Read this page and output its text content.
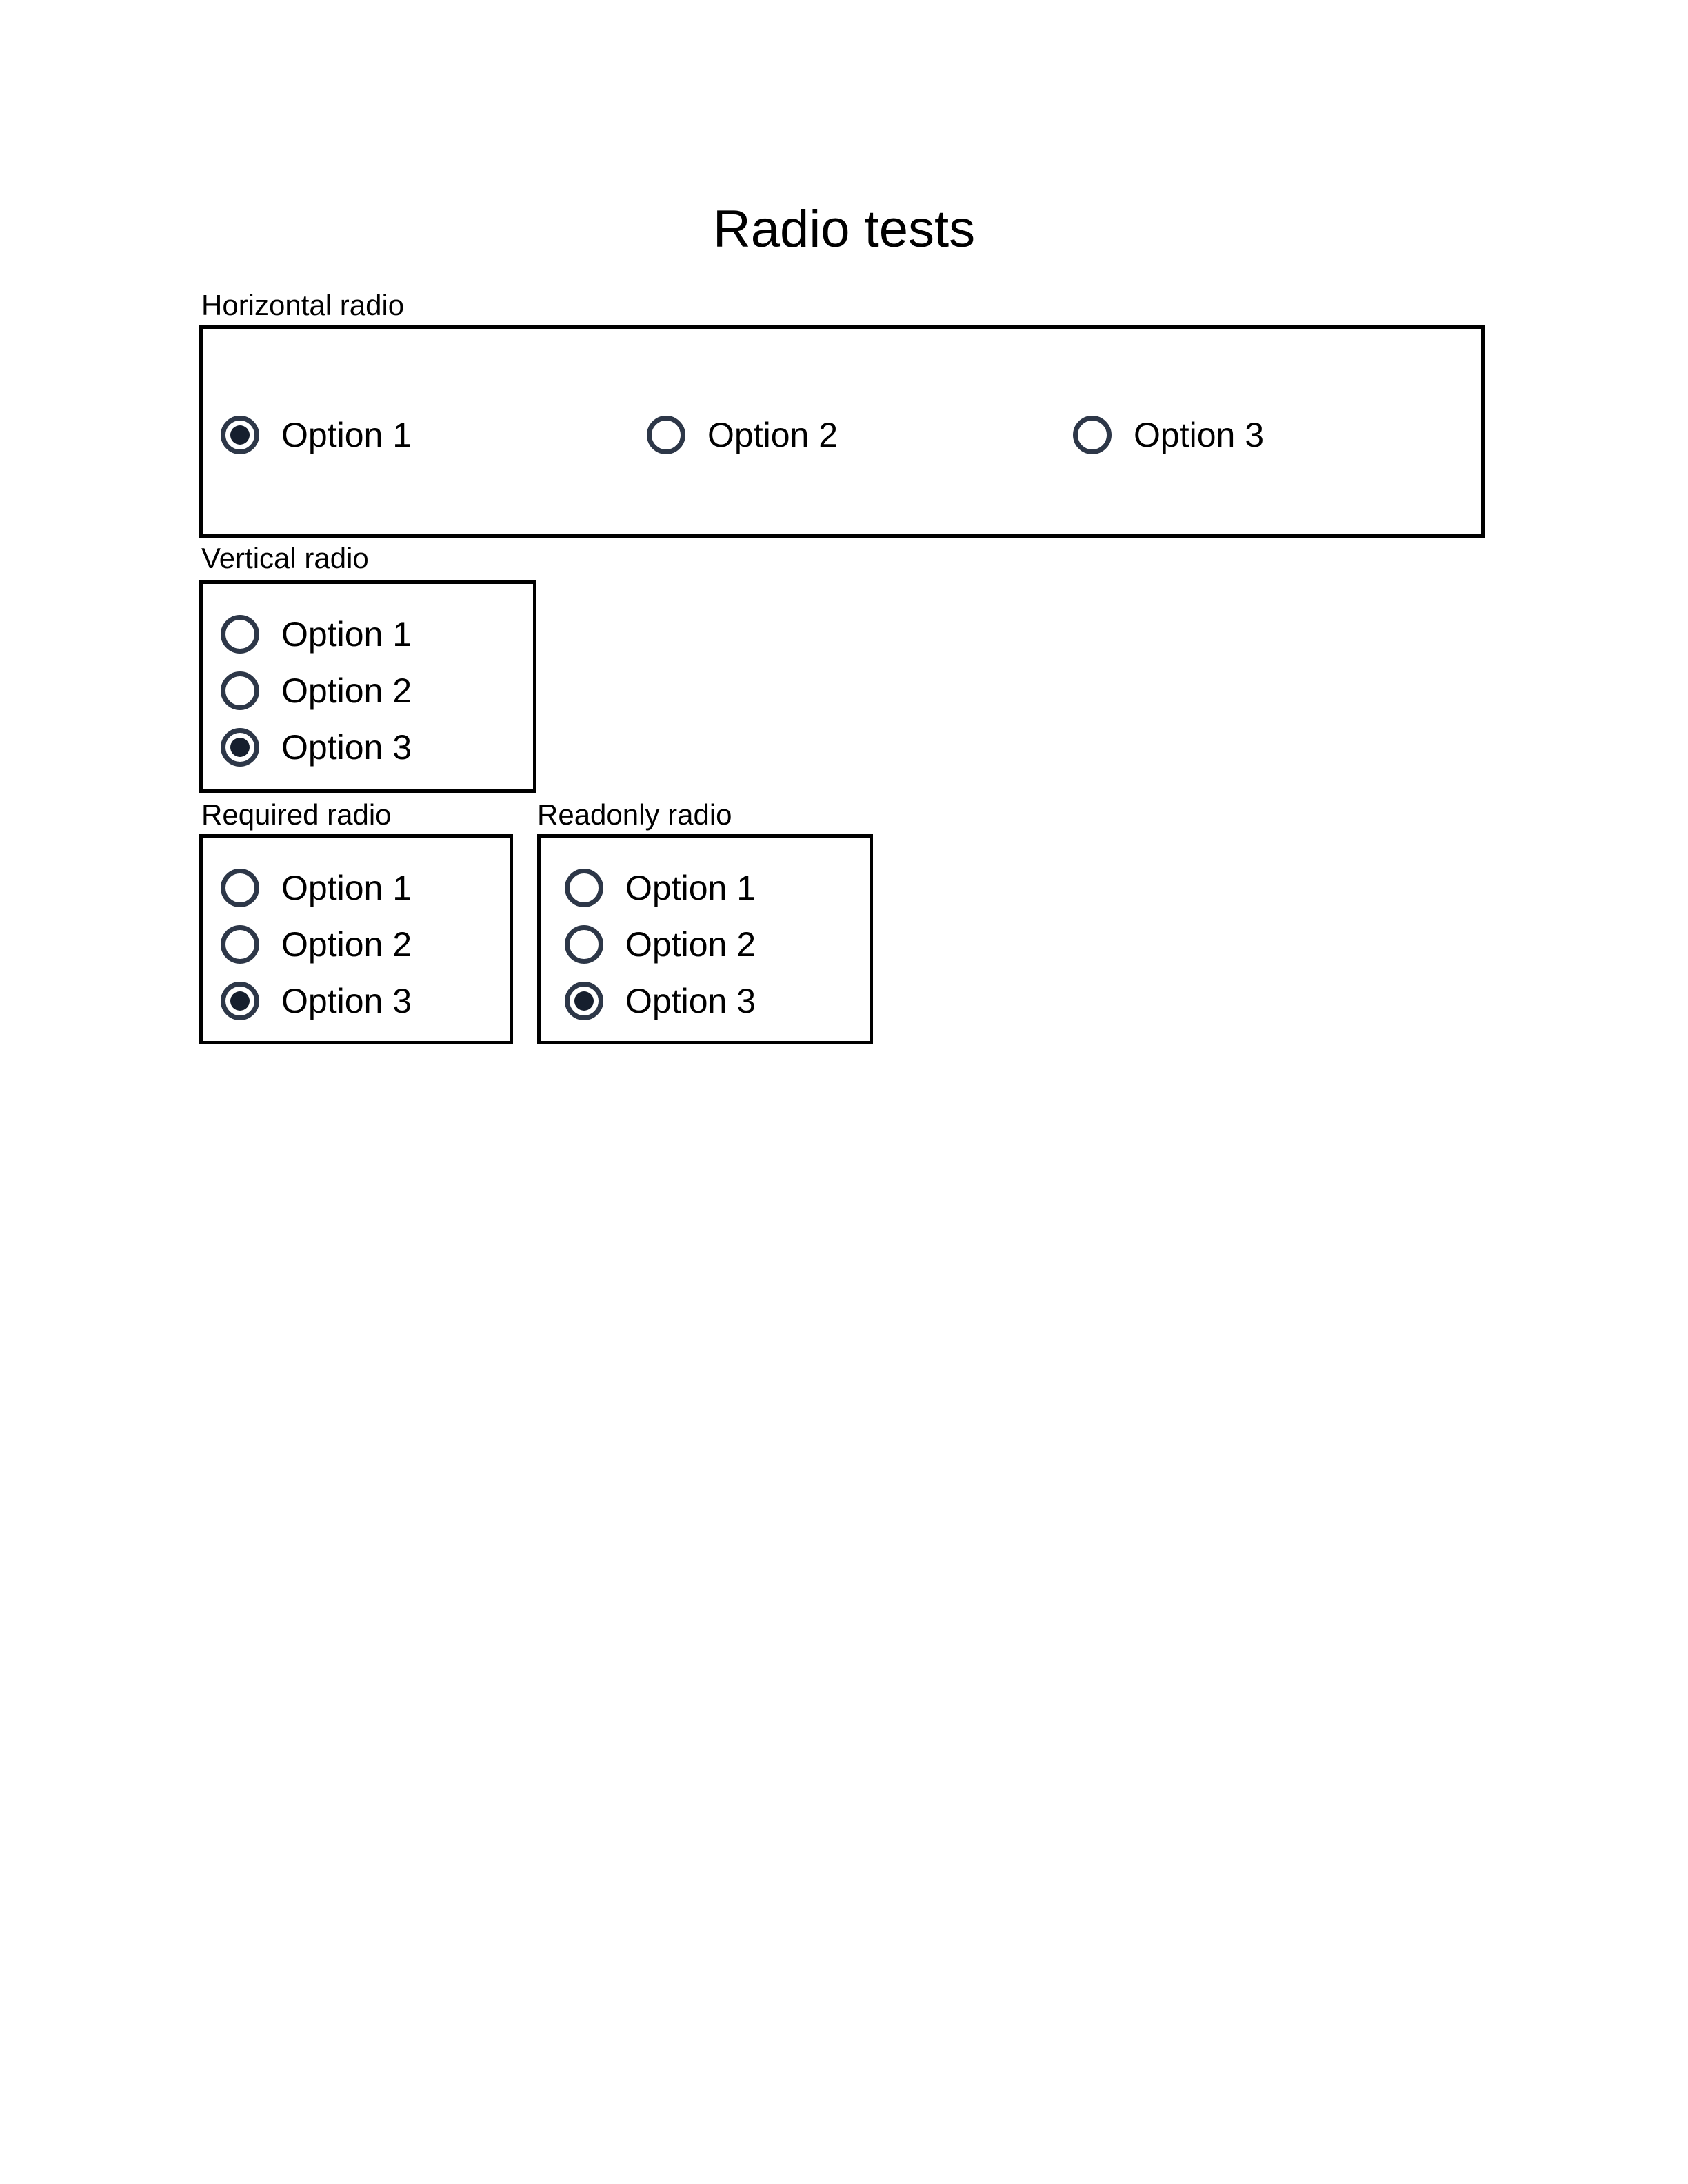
Radio tests
Horizontal radio
Option 1	Option 2	Option 3
Vertical radio
Option 1
Option 2
Option 3
Required radio
Option 1
Option 2
Option 3
Readonly radio
Option 1
Option 2
Option 3
